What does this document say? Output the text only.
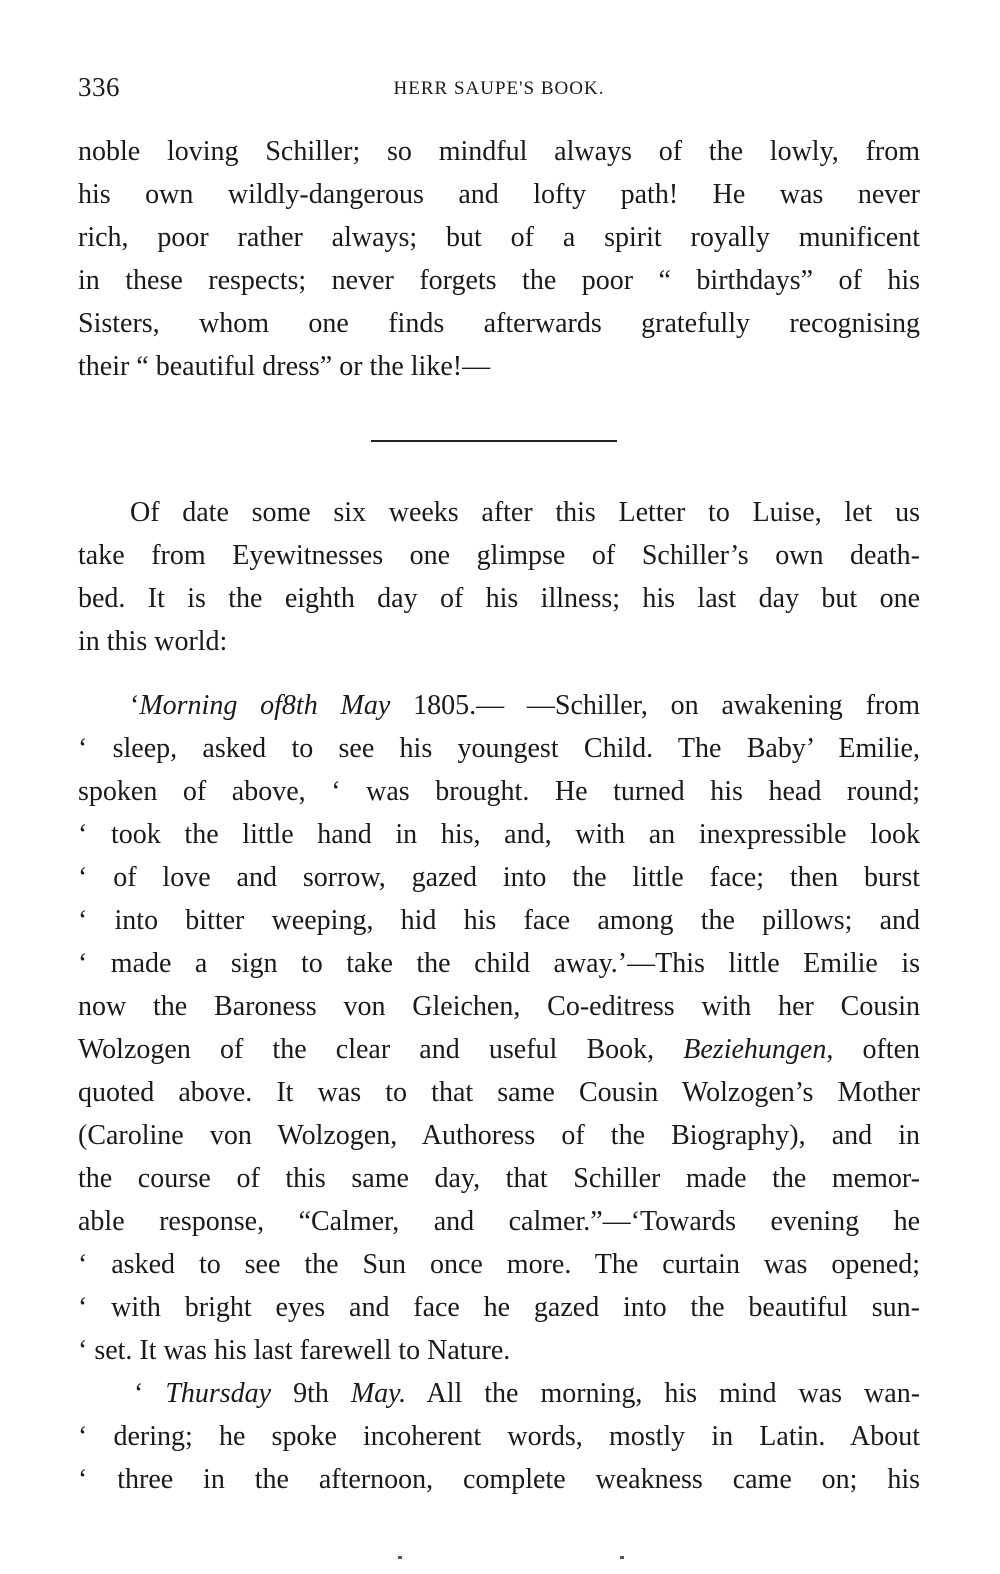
336	HERR SAUPE'S BOOK.
noble loving Schiller; so mindful always of the lowly, from
his own wildly-dangerous and lofty path! He was never
rich, poor rather always; but of a spirit royally munificent
in these respects; never forgets the poor “ birthdays” of his
Sisters, whom one finds afterwards gratefully recognising
their “ beautiful dress” or the like!—
Of date some six weeks after this Letter to Luise, let us
take from Eyewitnesses one glimpse of Schiller’s own death-
bed. It is the eighth day of his illness; his last day but one
in this world:
‘Morning of8th May 1805.— —Schiller, on awakening from
‘ sleep, asked to see his youngest Child. The Baby’ Emilie,
spoken of above, ‘ was brought. He turned his head round;
‘ took the little hand in his, and, with an inexpressible look
‘ of love and sorrow, gazed into the little face; then burst
‘ into bitter weeping, hid his face among the pillows; and
‘ made a sign to take the child away.’—This little Emilie is
now the Baroness von Gleichen, Co-editress with her Cousin
Wolzogen of the clear and useful Book, Beziehungen, often
quoted above. It was to that same Cousin Wolzogen’s Mother
(Caroline von Wolzogen, Authoress of the Biography), and in
the course of this same day, that Schiller made the memor-
able response, “Calmer, and calmer.”—‘Towards evening he
‘ asked to see the Sun once more. The curtain was opened;
‘ with bright eyes and face he gazed into the beautiful sun-
‘ set. It was his last farewell to Nature.
‘ Thursday 9th May. All the morning, his mind was wan-
‘ dering; he spoke incoherent words, mostly in Latin. About
‘ three in the afternoon, complete weakness came on; his
